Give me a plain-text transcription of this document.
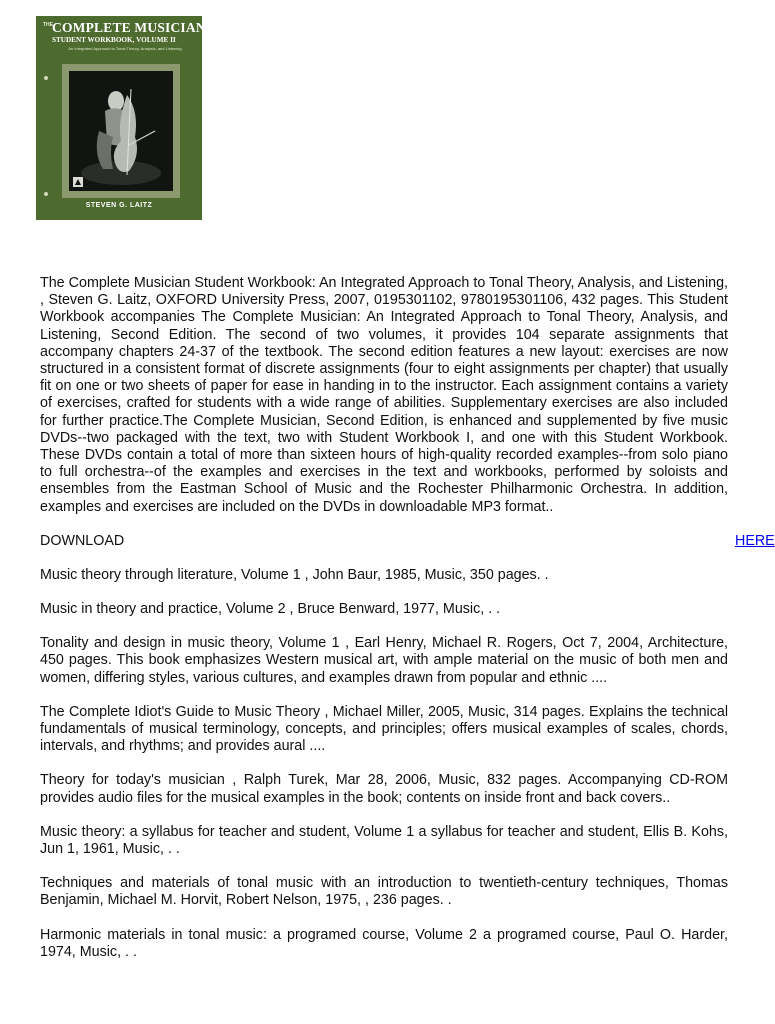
THE COMPLETE MUSICIAN
STUDENT WORKBOOK, VOLUME II
An Integrated Approach to Tonal Theory, Analysis, and Listening
STEVEN G. LAITZ

The Complete Musician Student Workbook: An Integrated Approach to Tonal Theory, Analysis, and Listening, , Steven G. Laitz, OXFORD University Press, 2007, 0195301102, 9780195301106, 432 pages. This Student Workbook accompanies The Complete Musician: An Integrated Approach to Tonal Theory, Analysis, and Listening, Second Edition. The second of two volumes, it provides 104 separate assignments that accompany chapters 24-37 of the textbook. The second edition features a new layout: exercises are now structured in a consistent format of discrete assignments (four to eight assignments per chapter) that usually fit on one or two sheets of paper for ease in handing in to the instructor. Each assignment contains a variety of exercises, crafted for students with a wide range of abilities. Supplementary exercises are also included for further practice.The Complete Musician, Second Edition, is enhanced and supplemented by five music DVDs--two packaged with the text, two with Student Workbook I, and one with this Student Workbook. These DVDs contain a total of more than sixteen hours of high-quality recorded examples--from solo piano to full orchestra--of the examples and exercises in the text and workbooks, performed by soloists and ensembles from the Eastman School of Music and the Rochester Philharmonic Orchestra. In addition, examples and exercises are included on the DVDs in downloadable MP3 format..

DOWNLOAD	HERE

Music theory through literature, Volume 1 , John Baur, 1985, Music, 350 pages. .

Music in theory and practice, Volume 2 , Bruce Benward, 1977, Music, . .

Tonality and design in music theory, Volume 1 , Earl Henry, Michael R. Rogers, Oct 7, 2004, Architecture, 450 pages. This book emphasizes Western musical art, with ample material on the music of both men and women, differing styles, various cultures, and examples drawn from popular and ethnic ....

The Complete Idiot's Guide to Music Theory , Michael Miller, 2005, Music, 314 pages. Explains the technical fundamentals of musical terminology, concepts, and principles; offers musical examples of scales, chords, intervals, and rhythms; and provides aural ....

Theory for today's musician , Ralph Turek, Mar 28, 2006, Music, 832 pages. Accompanying CD-ROM provides audio files for the musical examples in the book; contents on inside front and back covers..

Music theory: a syllabus for teacher and student, Volume 1 a syllabus for teacher and student, Ellis B. Kohs, Jun 1, 1961, Music, . .

Techniques and materials of tonal music with an introduction to twentieth-century techniques, Thomas Benjamin, Michael M. Horvit, Robert Nelson, 1975, , 236 pages. .

Harmonic materials in tonal music: a programed course, Volume 2 a programed course, Paul O. Harder, 1974, Music, . .
